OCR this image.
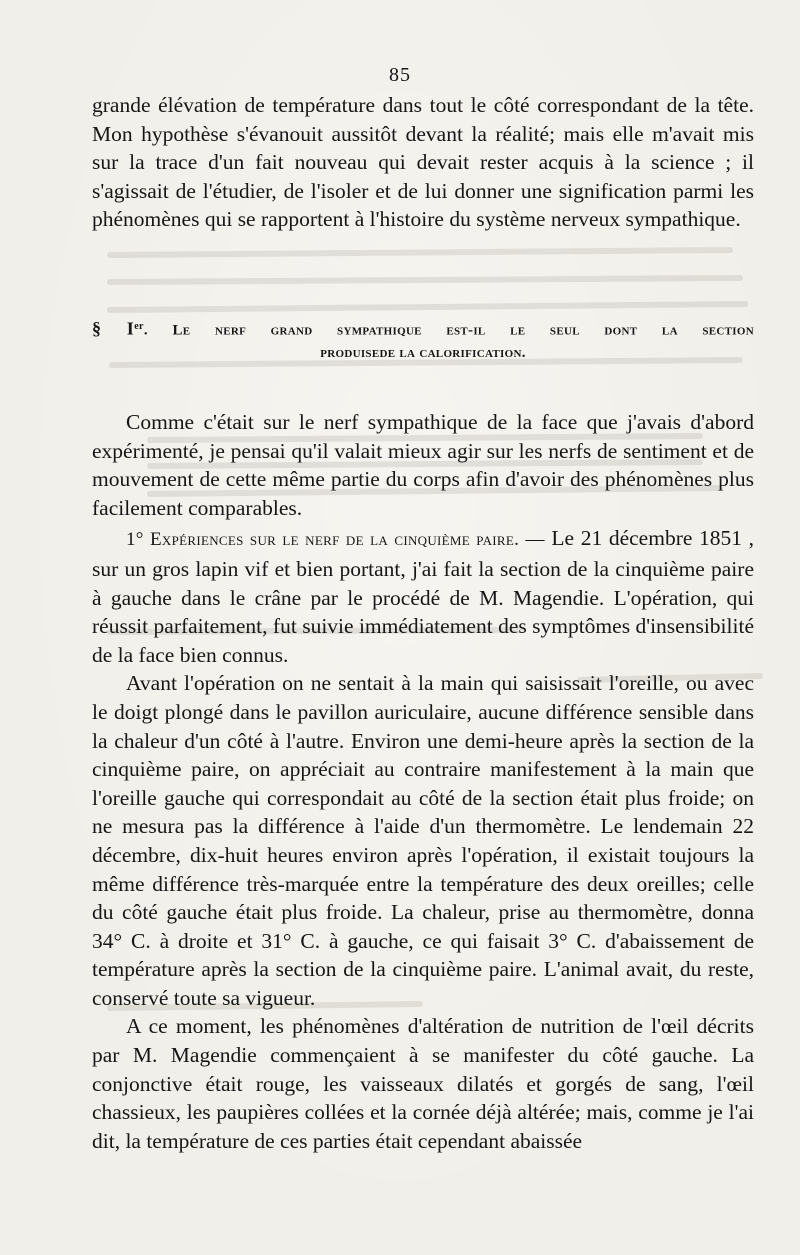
85

grande élévation de température dans tout le côté correspondant de la tête. Mon hypothèse s'évanouit aussitôt devant la réalité; mais elle m'avait mis sur la trace d'un fait nouveau qui devait rester acquis à la science ; il s'agissait de l'étudier, de l'isoler et de lui donner une signification parmi les phénomènes qui se rapportent à l'histoire du système nerveux sympathique.

§ Ier. Le nerf grand sympathique est-il le seul dont la section
produisede la calorification.

Comme c'était sur le nerf sympathique de la face que j'avais d'abord expérimenté, je pensai qu'il valait mieux agir sur les nerfs de sentiment et de mouvement de cette même partie du corps afin d'avoir des phénomènes plus facilement comparables.

1° Expériences sur le nerf de la cinquième paire. — Le 21 décembre 1851 , sur un gros lapin vif et bien portant, j'ai fait la section de la cinquième paire à gauche dans le crâne par le procédé de M. Magendie. L'opération, qui réussit parfaitement, fut suivie immédiatement des symptômes d'insensibilité de la face bien connus.

Avant l'opération on ne sentait à la main qui saisissait l'oreille, ou avec le doigt plongé dans le pavillon auriculaire, aucune différence sensible dans la chaleur d'un côté à l'autre. Environ une demi-heure après la section de la cinquième paire, on appréciait au contraire manifestement à la main que l'oreille gauche qui correspondait au côté de la section était plus froide; on ne mesura pas la différence à l'aide d'un thermomètre. Le lendemain 22 décembre, dix-huit heures environ après l'opération, il existait toujours la même différence très-marquée entre la température des deux oreilles; celle du côté gauche était plus froide. La chaleur, prise au thermomètre, donna 34° C. à droite et 31° C. à gauche, ce qui faisait 3° C. d'abaissement de température après la section de la cinquième paire. L'animal avait, du reste, conservé toute sa vigueur.

A ce moment, les phénomènes d'altération de nutrition de l'œil décrits par M. Magendie commençaient à se manifester du côté gauche. La conjonctive était rouge, les vaisseaux dilatés et gorgés de sang, l'œil chassieux, les paupières collées et la cornée déjà altérée; mais, comme je l'ai dit, la température de ces parties était cependant abaissée
